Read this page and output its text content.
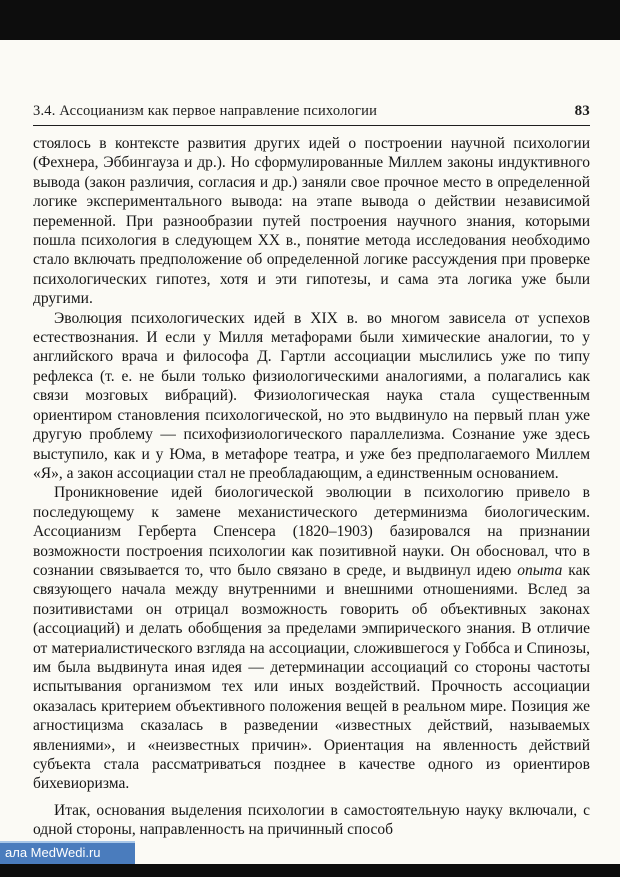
3.4. Ассоцианизм как первое направление психологии	83

стоялось в контексте развития других идей о построении научной психологии (Фехнера, Эббингауза и др.). Но сформулированные Миллем законы индуктивного вывода (закон различия, согласия и др.) заняли свое прочное место в определенной логике экспериментального вывода: на этапе вывода о действии независимой переменной. При разнообразии путей построения научного знания, которыми пошла психология в следующем XX в., понятие метода исследования необходимо стало включать предположение об определенной логике рассуждения при проверке психологических гипотез, хотя и эти гипотезы, и сама эта логика уже были другими.

Эволюция психологических идей в XIX в. во многом зависела от успехов естествознания. И если у Милля метафорами были химические аналогии, то у английского врача и философа Д. Гартли ассоциации мыслились уже по типу рефлекса (т. е. не были только физиологическими аналогиями, а полагались как связи мозговых вибраций). Физиологическая наука стала существенным ориентиром становления психологической, но это выдвинуло на первый план уже другую проблему — психофизиологического параллелизма. Сознание уже здесь выступило, как и у Юма, в метафоре театра, и уже без предполагаемого Миллем «Я», а закон ассоциации стал не преобладающим, а единственным основанием.

Проникновение идей биологической эволюции в психологию привело в последующему к замене механистического детерминизма биологическим. Ассоцианизм Герберта Спенсера (1820–1903) базировался на признании возможности построения психологии как позитивной науки. Он обосновал, что в сознании связывается то, что было связано в среде, и выдвинул идею опыта как связующего начала между внутренними и внешними отношениями. Вслед за позитивистами он отрицал возможность говорить об объективных законах (ассоциаций) и делать обобщения за пределами эмпирического знания. В отличие от материалистического взгляда на ассоциации, сложившегося у Гоббса и Спинозы, им была выдвинута иная идея — детерминации ассоциаций со стороны частоты испытывания организмом тех или иных воздействий. Прочность ассоциации оказалась критерием объективного положения вещей в реальном мире. Позиция же агностицизма сказалась в разведении «известных действий, называемых явлениями», и «неизвестных причин». Ориентация на явленность действий субъекта стала рассматриваться позднее в качестве одного из ориентиров бихевиоризма.

Итак, основания выделения психологии в самостоятельную науку включали, с одной стороны, направленность на причинный способ

ала MedWedi.ru
